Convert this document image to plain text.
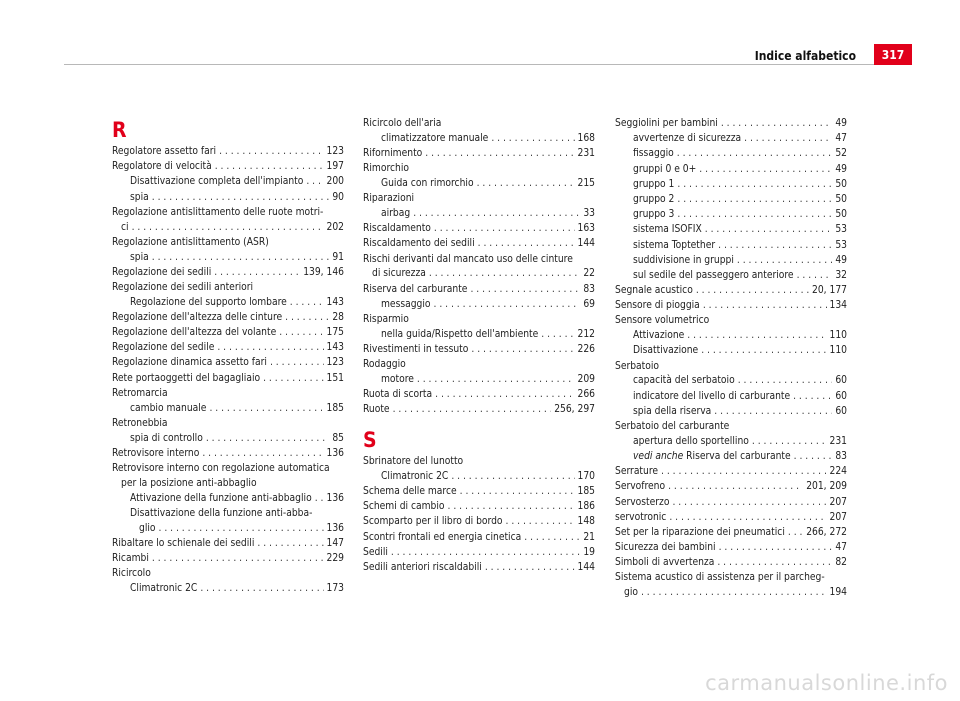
Indice alfabetico	317
R
Regolatore assetto fari . . .	123
Regolatore di velocità . . .	197
Disattivazione completa dell'impianto . . . 200
spia . . .	90
Regolazione antislittamento delle ruote motri-
ci . . .	202
Regolazione antislittamento (ASR)
spia . . .	91
Regolazione dei sedili . . .	139, 146
Regolazione dei sedili anteriori
Regolazione del supporto lombare . . .	143
Regolazione dell'altezza delle cinture . . .	28
Regolazione dell'altezza del volante . . .	175
Regolazione del sedile . . .	143
Regolazione dinamica assetto fari . . .	123
Rete portaoggetti del bagagliaio . . .	151
Retromarcia
cambio manuale . . .	185
Retronebbia
spia di controllo . . .	85
Retrovisore interno . . .	136
Retrovisore interno con regolazione automatica
per la posizione anti-abbaglio
Attivazione della funzione anti-abbaglio . . . 136
Disattivazione della funzione anti-abba-
glio . . .	136
Ribaltare lo schienale dei sedili . . .	147
Ricambi . . .	229
Ricircolo
Climatronic 2C . . .	173
Ricircolo dell'aria
climatizzatore manuale . . .	168
Rifornimento . . .	231
Rimorchio
Guida con rimorchio . . .	215
Riparazioni
airbag . . .	33
Riscaldamento . . .	163
Riscaldamento dei sedili . . .	144
Rischi derivanti dal mancato uso delle cinture
di sicurezza . . .	22
Riserva del carburante . . .	83
messaggio . . .	69
Risparmio
nella guida/Rispetto dell'ambiente . . .	212
Rivestimenti in tessuto . . .	226
Rodaggio
motore . . .	209
Ruota di scorta . . .	266
Ruote . . .	256, 297
S
Sbrinatore del lunotto
Climatronic 2C . . .	170
Schema delle marce . . .	185
Schemi di cambio . . .	186
Scomparto per il libro di bordo . . .	148
Scontri frontali ed energia cinetica . . .	21
Sedili . . .	19
Sedili anteriori riscaldabili . . .	144
Seggiolini per bambini . . .	49
avvertenze di sicurezza . . .	47
fissaggio . . .	52
gruppi 0 e 0+ . . .	49
gruppo 1 . . .	50
gruppo 2 . . .	50
gruppo 3 . . .	50
sistema ISOFIX . . .	53
sistema Toptether . . .	53
suddivisione in gruppi . . .	49
sul sedile del passeggero anteriore . . .	32
Segnale acustico . . .	20, 177
Sensore di pioggia . . .	134
Sensore volumetrico
Attivazione . . .	110
Disattivazione . . .	110
Serbatoio
capacità del serbatoio . . .	60
indicatore del livello di carburante . . .	60
spia della riserva . . .	60
Serbatoio del carburante
apertura dello sportellino . . .	231
vedi anche Riserva del carburante . . .	83
Serrature . . .	224
Servofreno . . .	201, 209
Servosterzo . . .	207
servotronic . . .	207
Set per la riparazione dei pneumatici . . . 266, 272
Sicurezza dei bambini . . .	47
Simboli di avvertenza . . .	82
Sistema acustico di assistenza per il parcheg-
gio . . .	194
carmanualsonline.info
